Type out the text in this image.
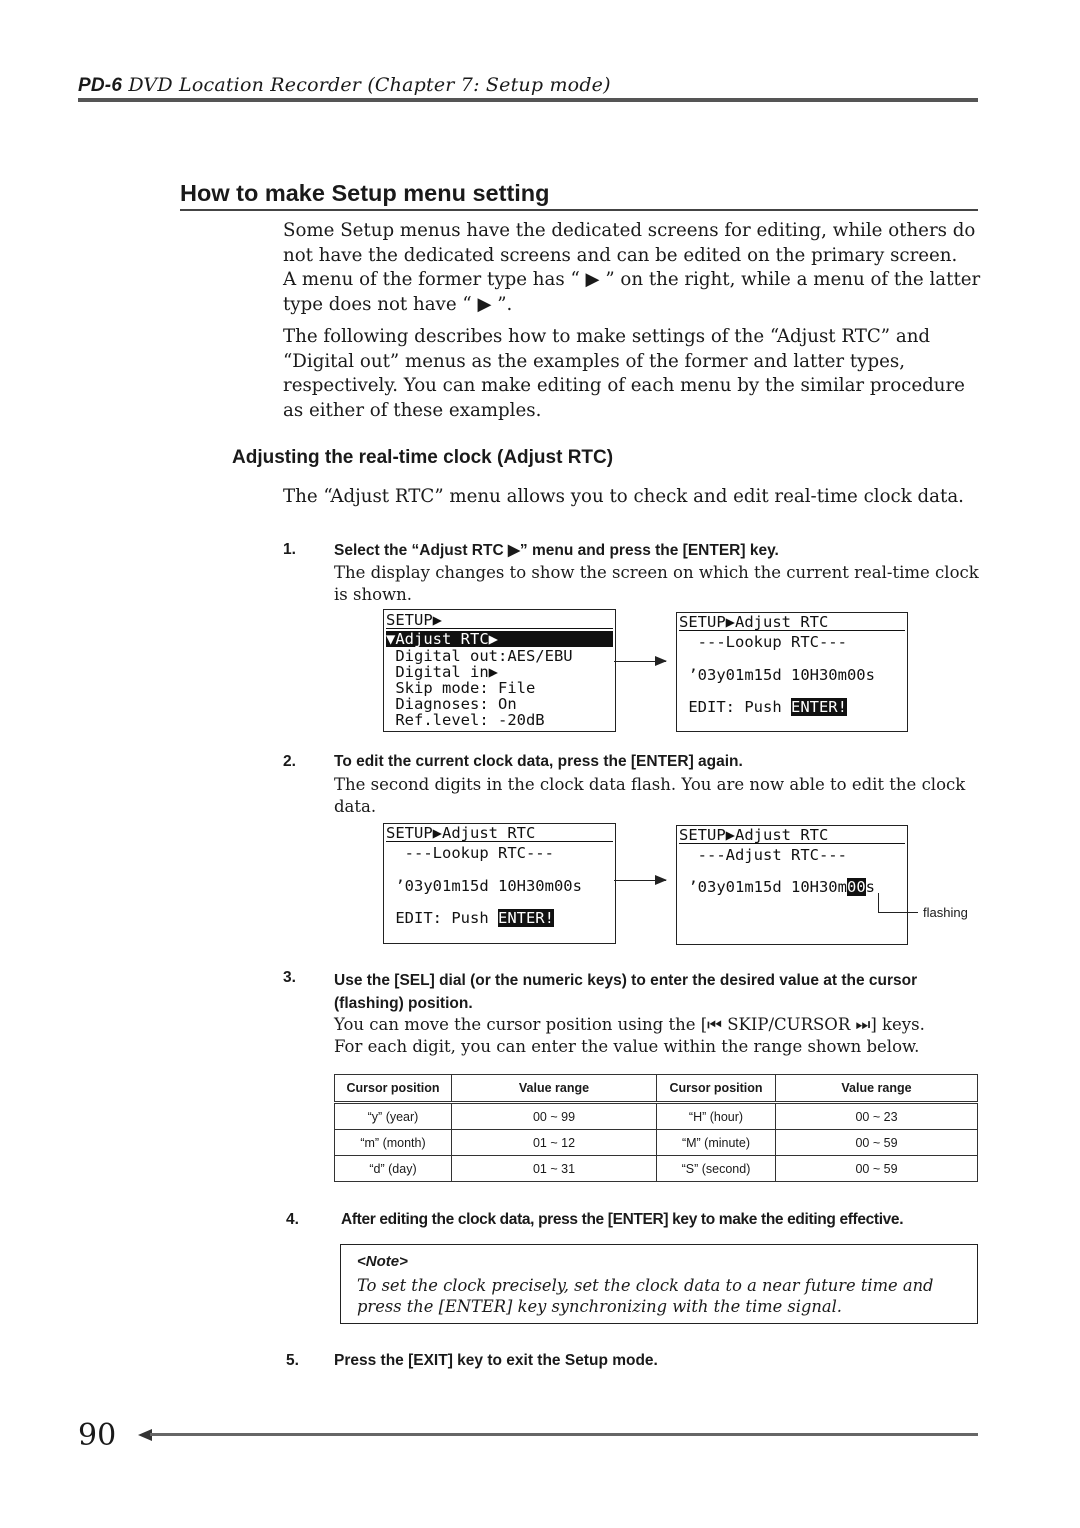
PD-6 DVD Location Recorder (Chapter 7: Setup mode)
How to make Setup menu setting
Some Setup menus have the dedicated screens for editing, while others do not have the dedicated screens and can be edited on the primary screen.
A menu of the former type has “ ▶ ” on the right, while a menu of the latter type does not have “ ▶ ”.
The following describes how to make settings of the “Adjust RTC” and “Digital out” menus as the examples of the former and latter types, respectively. You can make editing of each menu by the similar procedure as either of these examples.
Adjusting the real-time clock (Adjust RTC)
The “Adjust RTC” menu allows you to check and edit real-time clock data.
1. Select the “Adjust RTC ▶” menu and press the [ENTER] key.
The display changes to show the screen on which the current real-time clock is shown.
SETUP▶
▼Adjust RTC▶
Digital out:AES/EBU
Digital in▶
Skip mode: File
Diagnoses: On
Ref.level: -20dB
SETUP▶Adjust RTC
---Lookup RTC---
’03y01m15d 10H30m00s
EDIT: Push ENTER!
2. To edit the current clock data, press the [ENTER] again.
The second digits in the clock data flash. You are now able to edit the clock data.
SETUP▶Adjust RTC
---Lookup RTC---
’03y01m15d 10H30m00s
EDIT: Push ENTER!
SETUP▶Adjust RTC
---Adjust RTC---
’03y01m15d 10H30m00s
flashing
3. Use the [SEL] dial (or the numeric keys) to enter the desired value at the cursor (flashing) position.
You can move the cursor position using the [⏮ SKIP/CURSOR ⏭] keys.
For each digit, you can enter the value within the range shown below.
Cursor position	Value range	Cursor position	Value range
“y” (year)	00 ~ 99	“H” (hour)	00 ~ 23
“m” (month)	01 ~ 12	“M” (minute)	00 ~ 59
“d” (day)	01 ~ 31	“S” (second)	00 ~ 59
4.	After editing the clock data, press the [ENTER] key to make the editing effective.
<Note>
To set the clock precisely, set the clock data to a near future time and press the [ENTER] key synchronizing with the time signal.
5. Press the [EXIT] key to exit the Setup mode.
90
